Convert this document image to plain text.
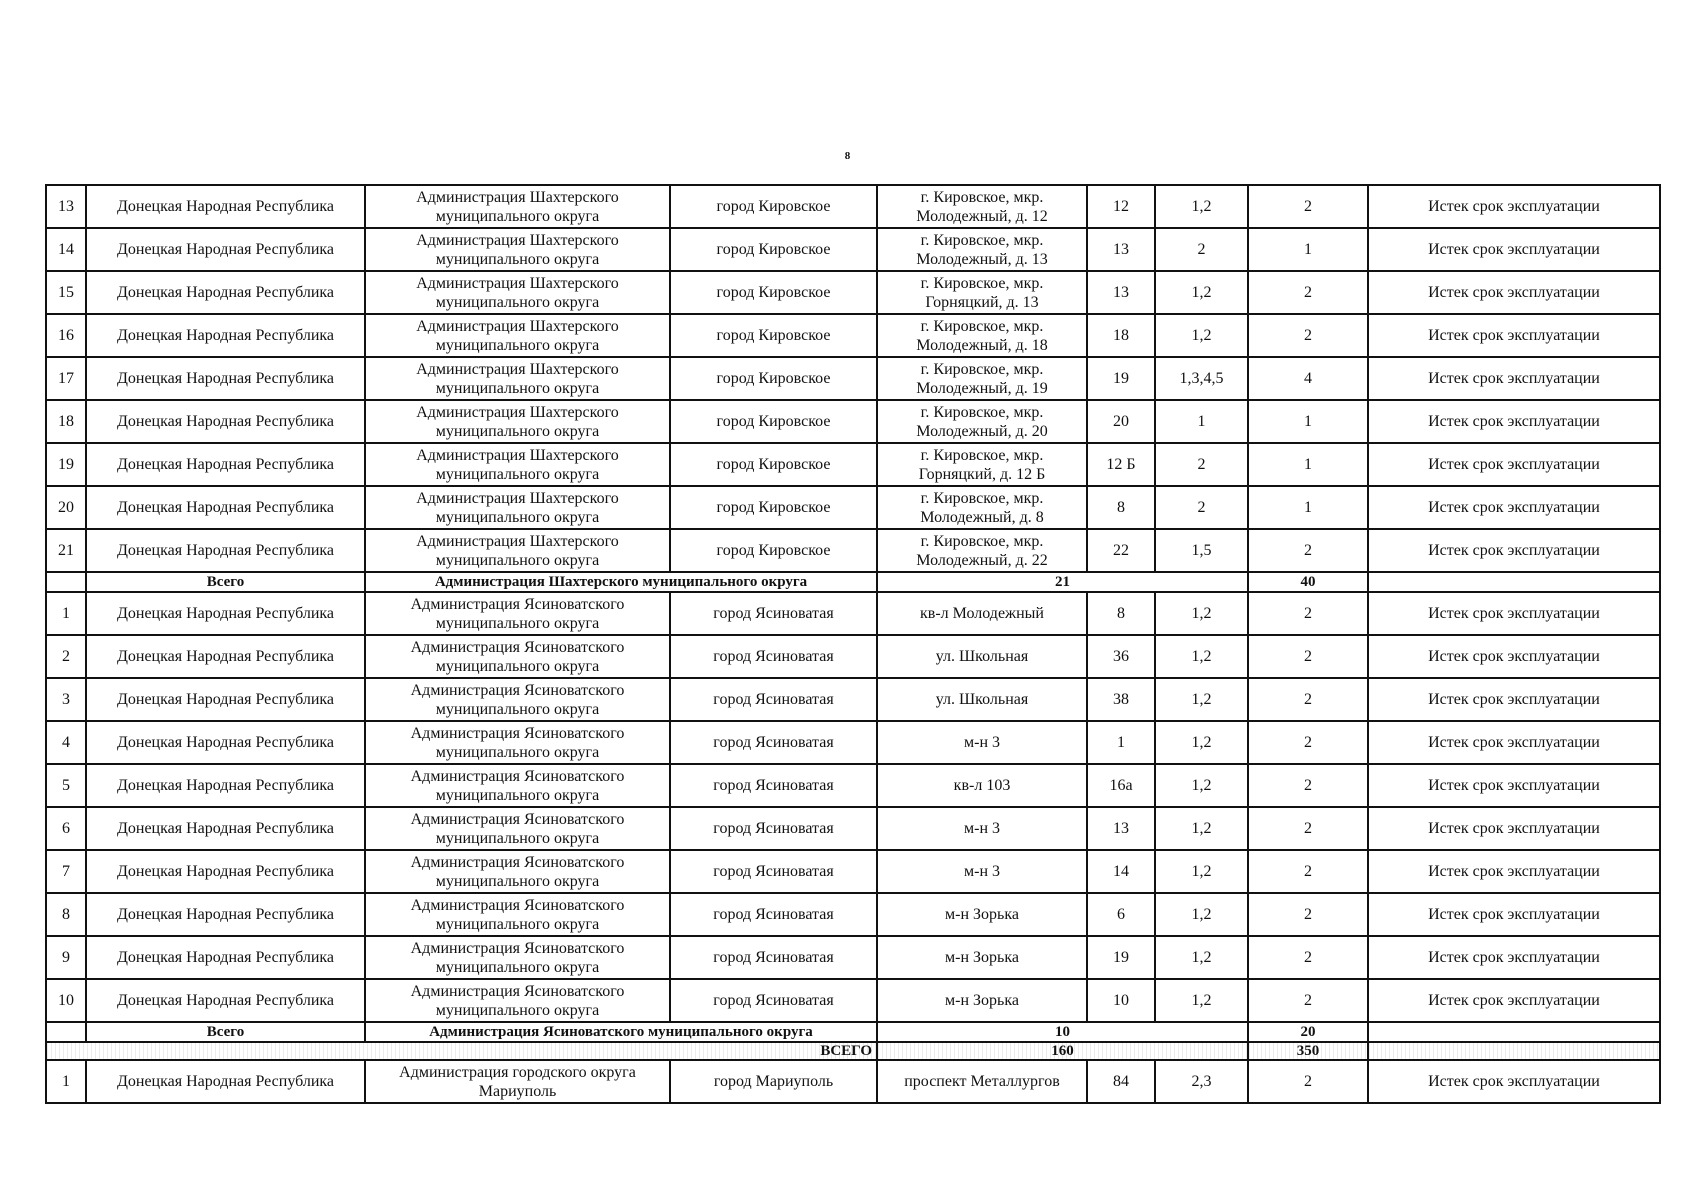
8
13	Донецкая Народная Республика	Администрация Шахтерского муниципального округа	город Кировское	г. Кировское, мкр. Молодежный, д. 12	12	1,2	2	Истек срок эксплуатации
14	Донецкая Народная Республика	Администрация Шахтерского муниципального округа	город Кировское	г. Кировское, мкр. Молодежный, д. 13	13	2	1	Истек срок эксплуатации
15	Донецкая Народная Республика	Администрация Шахтерского муниципального округа	город Кировское	г. Кировское, мкр. Горняцкий, д. 13	13	1,2	2	Истек срок эксплуатации
16	Донецкая Народная Республика	Администрация Шахтерского муниципального округа	город Кировское	г. Кировское, мкр. Молодежный, д. 18	18	1,2	2	Истек срок эксплуатации
17	Донецкая Народная Республика	Администрация Шахтерского муниципального округа	город Кировское	г. Кировское, мкр. Молодежный, д. 19	19	1,3,4,5	4	Истек срок эксплуатации
18	Донецкая Народная Республика	Администрация Шахтерского муниципального округа	город Кировское	г. Кировское, мкр. Молодежный, д. 20	20	1	1	Истек срок эксплуатации
19	Донецкая Народная Республика	Администрация Шахтерского муниципального округа	город Кировское	г. Кировское, мкр. Горняцкий, д. 12 Б	12 Б	2	1	Истек срок эксплуатации
20	Донецкая Народная Республика	Администрация Шахтерского муниципального округа	город Кировское	г. Кировское, мкр. Молодежный, д. 8	8	2	1	Истек срок эксплуатации
21	Донецкая Народная Республика	Администрация Шахтерского муниципального округа	город Кировское	г. Кировское, мкр. Молодежный, д. 22	22	1,5	2	Истек срок эксплуатации
	Всего	Администрация Шахтерского муниципального округа		21			40	
1	Донецкая Народная Республика	Администрация Ясиноватского муниципального округа	город Ясиноватая	кв-л Молодежный	8	1,2	2	Истек срок эксплуатации
2	Донецкая Народная Республика	Администрация Ясиноватского муниципального округа	город Ясиноватая	ул. Школьная	36	1,2	2	Истек срок эксплуатации
3	Донецкая Народная Республика	Администрация Ясиноватского муниципального округа	город Ясиноватая	ул. Школьная	38	1,2	2	Истек срок эксплуатации
4	Донецкая Народная Республика	Администрация Ясиноватского муниципального округа	город Ясиноватая	м-н 3	1	1,2	2	Истек срок эксплуатации
5	Донецкая Народная Республика	Администрация Ясиноватского муниципального округа	город Ясиноватая	кв-л 103	16а	1,2	2	Истек срок эксплуатации
6	Донецкая Народная Республика	Администрация Ясиноватского муниципального округа	город Ясиноватая	м-н 3	13	1,2	2	Истек срок эксплуатации
7	Донецкая Народная Республика	Администрация Ясиноватского муниципального округа	город Ясиноватая	м-н 3	14	1,2	2	Истек срок эксплуатации
8	Донецкая Народная Республика	Администрация Ясиноватского муниципального округа	город Ясиноватая	м-н Зорька	6	1,2	2	Истек срок эксплуатации
9	Донецкая Народная Республика	Администрация Ясиноватского муниципального округа	город Ясиноватая	м-н Зорька	19	1,2	2	Истек срок эксплуатации
10	Донецкая Народная Республика	Администрация Ясиноватского муниципального округа	город Ясиноватая	м-н Зорька	10	1,2	2	Истек срок эксплуатации
	Всего	Администрация Ясиноватского муниципального округа		10			20	
ВСЕГО				160			350	
1	Донецкая Народная Республика	Администрация городского округа Мариуполь	город Мариуполь	проспект Металлургов	84	2,3	2	Истек срок эксплуатации
